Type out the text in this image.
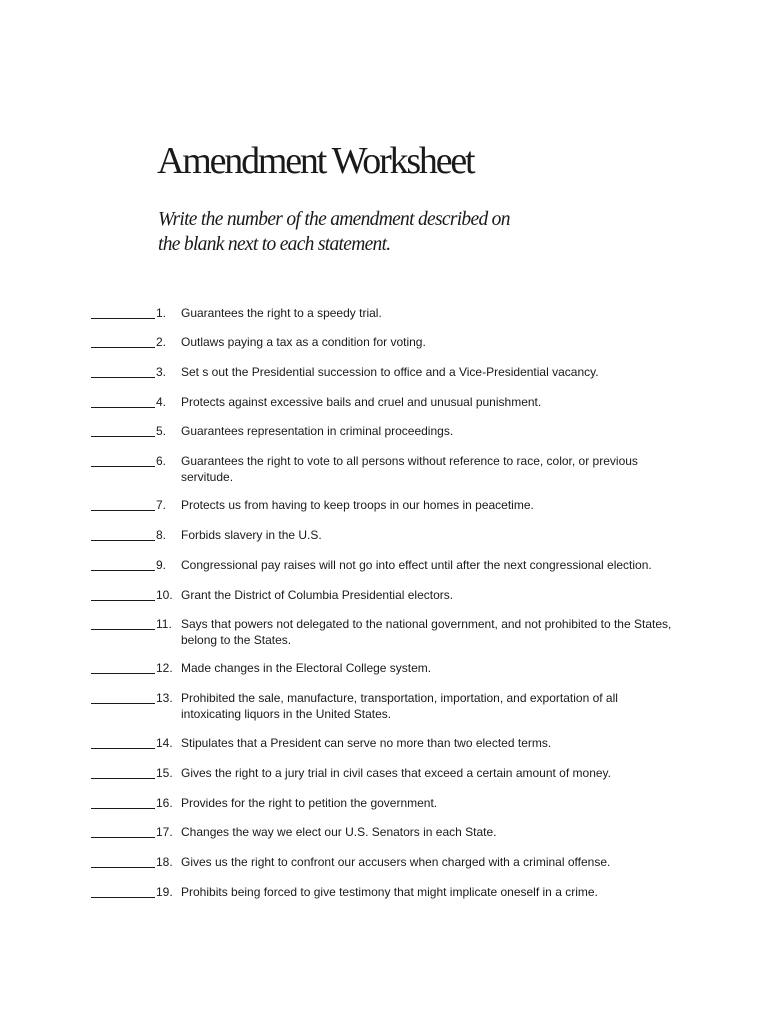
Amendment Worksheet

Write the number of the amendment described on
the blank next to each statement.

1. Guarantees the right to a speedy trial.
2. Outlaws paying a tax as a condition for voting.
3. Set s out the Presidential succession to office and a Vice-Presidential vacancy.
4. Protects against excessive bails and cruel and unusual punishment.
5. Guarantees representation in criminal proceedings.
6. Guarantees the right to vote to all persons without reference to race, color, or previous servitude.
7. Protects us from having to keep troops in our homes in peacetime.
8. Forbids slavery in the U.S.
9. Congressional pay raises will not go into effect until after the next congressional election.
10. Grant the District of Columbia Presidential electors.
11. Says that powers not delegated to the national government, and not prohibited to the States, belong to the States.
12. Made changes in the Electoral College system.
13. Prohibited the sale, manufacture, transportation, importation, and exportation of all intoxicating liquors in the United States.
14. Stipulates that a President can serve no more than two elected terms.
15. Gives the right to a jury trial in civil cases that exceed a certain amount of money.
16. Provides for the right to petition the government.
17. Changes the way we elect our U.S. Senators in each State.
18. Gives us the right to confront our accusers when charged with a criminal offense.
19. Prohibits being forced to give testimony that might implicate oneself in a crime.
